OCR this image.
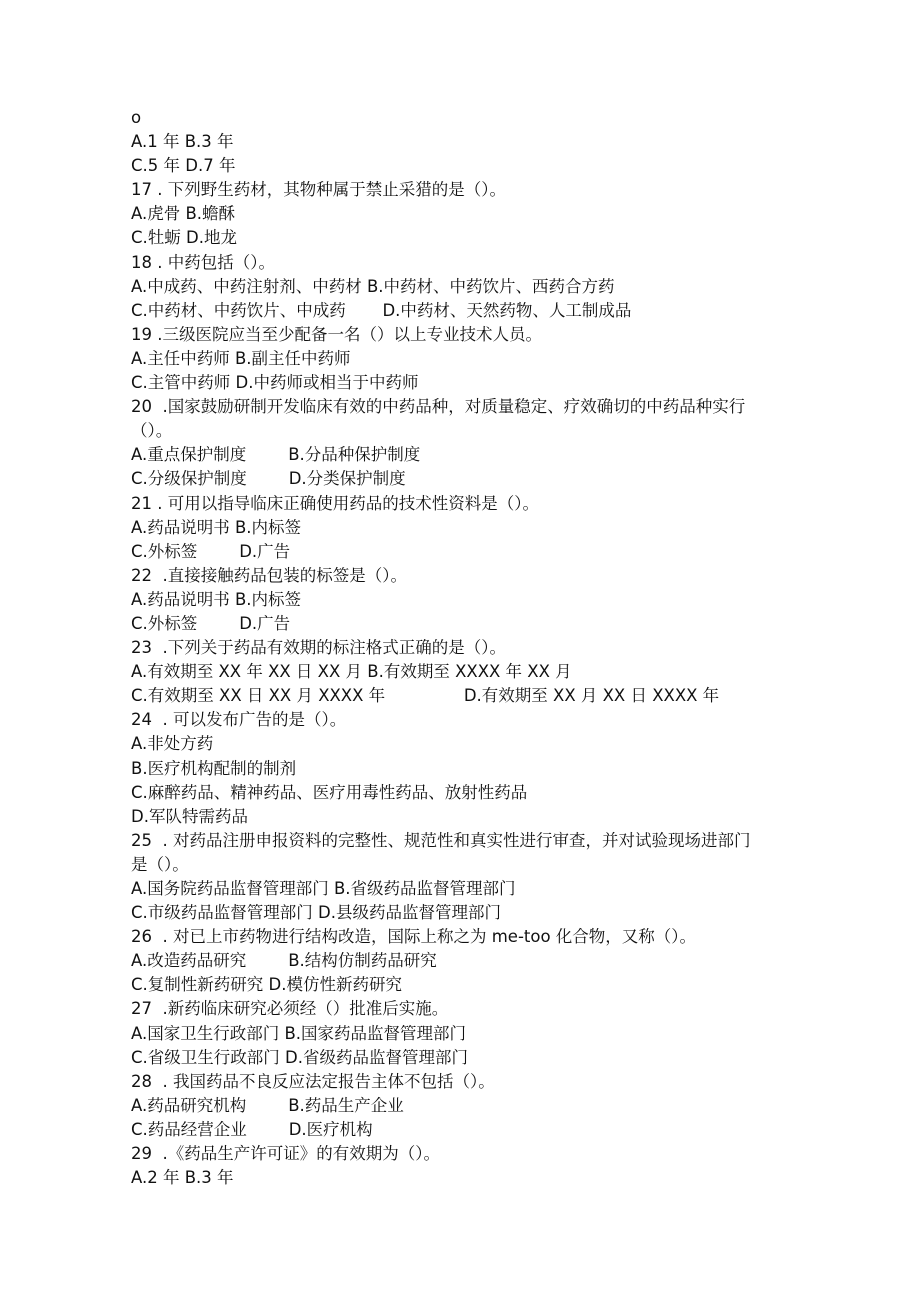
o
A.1 年 B.3 年
C.5 年 D.7 年
17 . 下列野生药材，其物种属于禁止采猎的是（）。
A.虎骨 B.蟾酥
C.牡蛎 D.地龙
18 . 中药包括（）。
A.中成药、中药注射剂、中药材 B.中药材、中药饮片、西药合方药
C.中药材、中药饮片、中成药       D.中药材、天然药物、人工制成品
19 .三级医院应当至少配备一名（）以上专业技术人员。
A.主任中药师 B.副主任中药师
C.主管中药师 D.中药师或相当于中药师
20  .国家鼓励研制开发临床有效的中药品种，对质量稳定、疗效确切的中药品种实行
（）。
A.重点保护制度        B.分品种保护制度
C.分级保护制度        D.分类保护制度
21 . 可用以指导临床正确使用药品的技术性资料是（）。
A.药品说明书 B.内标签
C.外标签        D.广告
22  .直接接触药品包装的标签是（）。
A.药品说明书 B.内标签
C.外标签        D.广告
23  .下列关于药品有效期的标注格式正确的是（）。
A.有效期至 XX 年 XX 日 XX 月 B.有效期至 XXXX 年 XX 月
C.有效期至 XX 日 XX 月 XXXX 年               D.有效期至 XX 月 XX 日 XXXX 年
24  . 可以发布广告的是（）。
A.非处方药
B.医疗机构配制的制剂
C.麻醉药品、精神药品、医疗用毒性药品、放射性药品
D.军队特需药品
25  . 对药品注册申报资料的完整性、规范性和真实性进行审查，并对试验现场进部门
是（）。
A.国务院药品监督管理部门 B.省级药品监督管理部门
C.市级药品监督管理部门 D.县级药品监督管理部门
26  . 对已上市药物进行结构改造，国际上称之为 me-too 化合物，又称（）。
A.改造药品研究        B.结构仿制药品研究
C.复制性新药研究 D.模仿性新药研究
27  .新药临床研究必须经（）批准后实施。
A.国家卫生行政部门 B.国家药品监督管理部门
C.省级卫生行政部门 D.省级药品监督管理部门
28  . 我国药品不良反应法定报告主体不包括（）。
A.药品研究机构        B.药品生产企业
C.药品经营企业        D.医疗机构
29  .《药品生产许可证》的有效期为（）。
A.2 年 B.3 年
